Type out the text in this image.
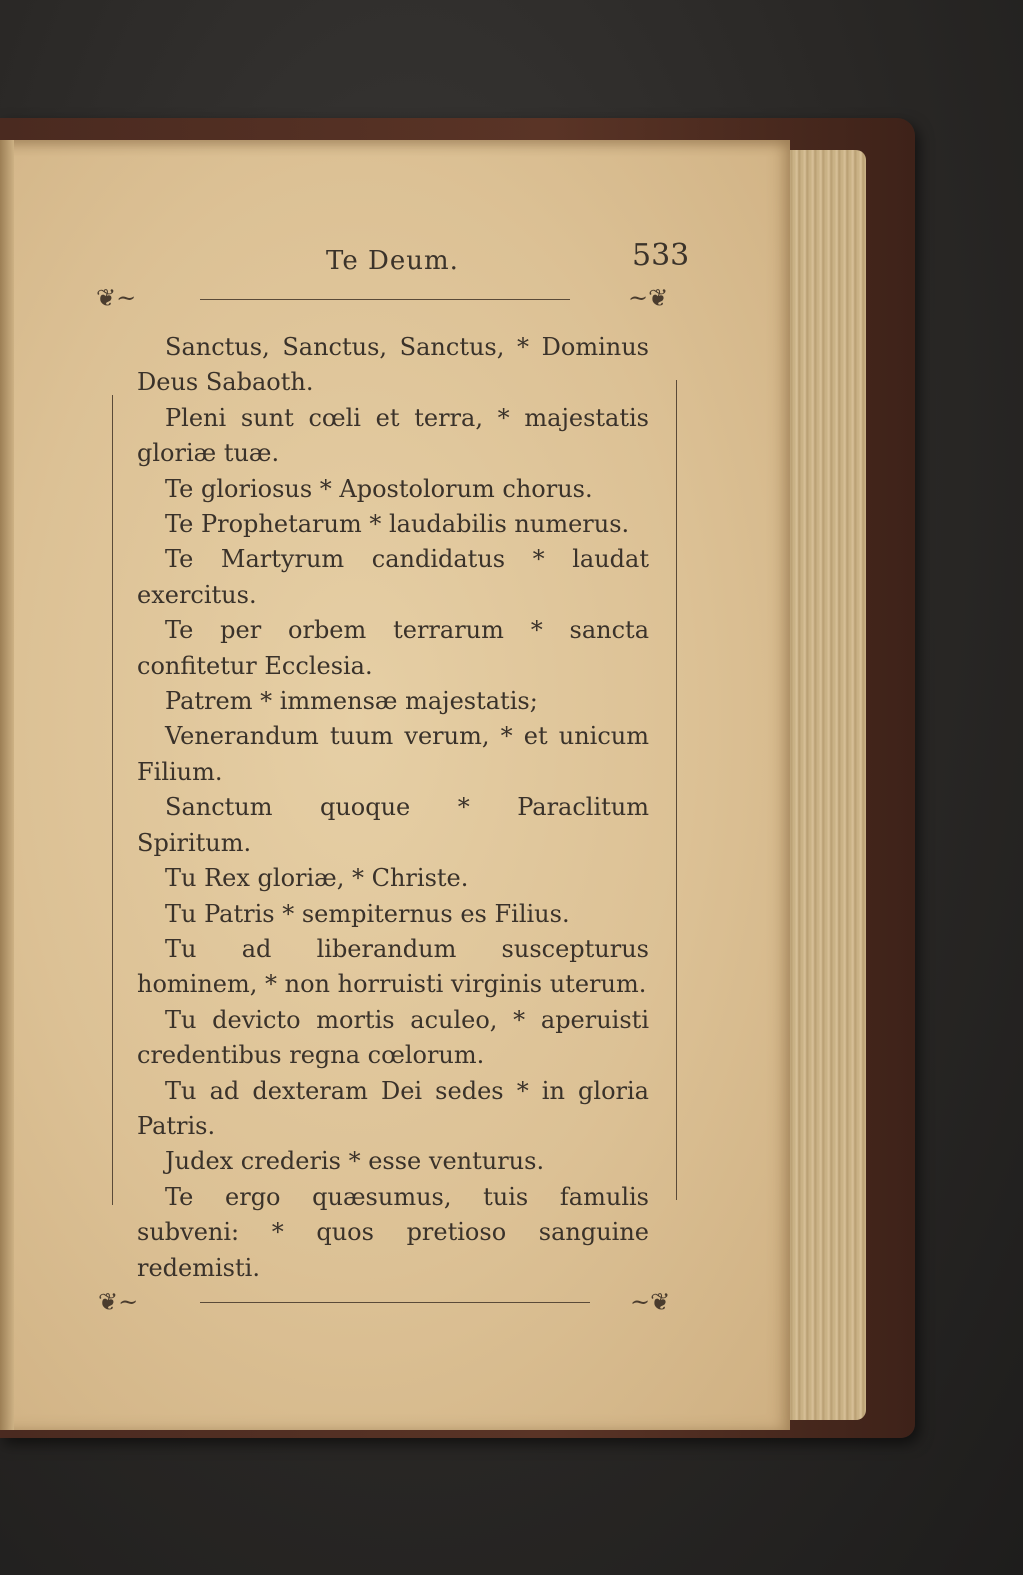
Te Deum.	533
❦~	~❦
❦~	~❦

Sanctus, Sanctus, Sanctus, * Dominus Deus Sabaoth.

Pleni sunt cœli et terra, * majestatis gloriæ tuæ.

Te gloriosus * Apostolorum chorus.

Te Prophetarum * laudabilis numerus.

Te Martyrum candidatus * laudat exercitus.

Te per orbem terrarum * sancta confitetur Ecclesia.

Patrem * immensæ majestatis;

Venerandum tuum verum, * et unicum Filium.

Sanctum quoque * Paraclitum Spiritum.

Tu Rex gloriæ, * Christe.

Tu Patris * sempiternus es Filius.

Tu ad liberandum suscepturus hominem, * non horruisti virginis uterum.

Tu devicto mortis aculeo, * aperuisti credentibus regna cœlorum.

Tu ad dexteram Dei sedes * in gloria Patris.

Judex crederis * esse venturus.

Te ergo quæsumus, tuis famulis subveni: * quos pretioso sanguine redemisti.
